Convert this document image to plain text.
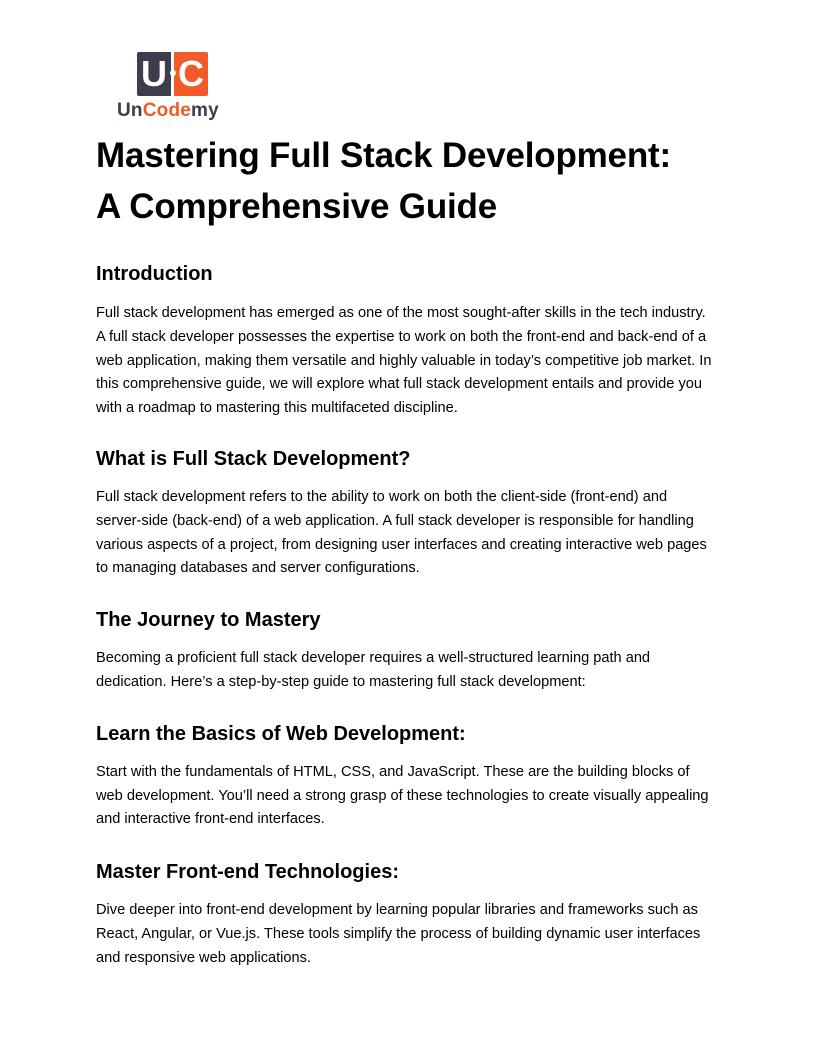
U C
UnCodemy
Mastering Full Stack Development:
A Comprehensive Guide
Introduction

Full stack development has emerged as one of the most sought-after skills in the tech industry.
A full stack developer possesses the expertise to work on both the front-end and back-end of a
web application, making them versatile and highly valuable in today’s competitive job market. In
this comprehensive guide, we will explore what full stack development entails and provide you
with a roadmap to mastering this multifaceted discipline.

What is Full Stack Development?

Full stack development refers to the ability to work on both the client-side (front-end) and
server-side (back-end) of a web application. A full stack developer is responsible for handling
various aspects of a project, from designing user interfaces and creating interactive web pages
to managing databases and server configurations.

The Journey to Mastery

Becoming a proficient full stack developer requires a well-structured learning path and
dedication. Here’s a step-by-step guide to mastering full stack development:

Learn the Basics of Web Development:

Start with the fundamentals of HTML, CSS, and JavaScript. These are the building blocks of
web development. You’ll need a strong grasp of these technologies to create visually appealing
and interactive front-end interfaces.

Master Front-end Technologies:

Dive deeper into front-end development by learning popular libraries and frameworks such as
React, Angular, or Vue.js. These tools simplify the process of building dynamic user interfaces
and responsive web applications.
